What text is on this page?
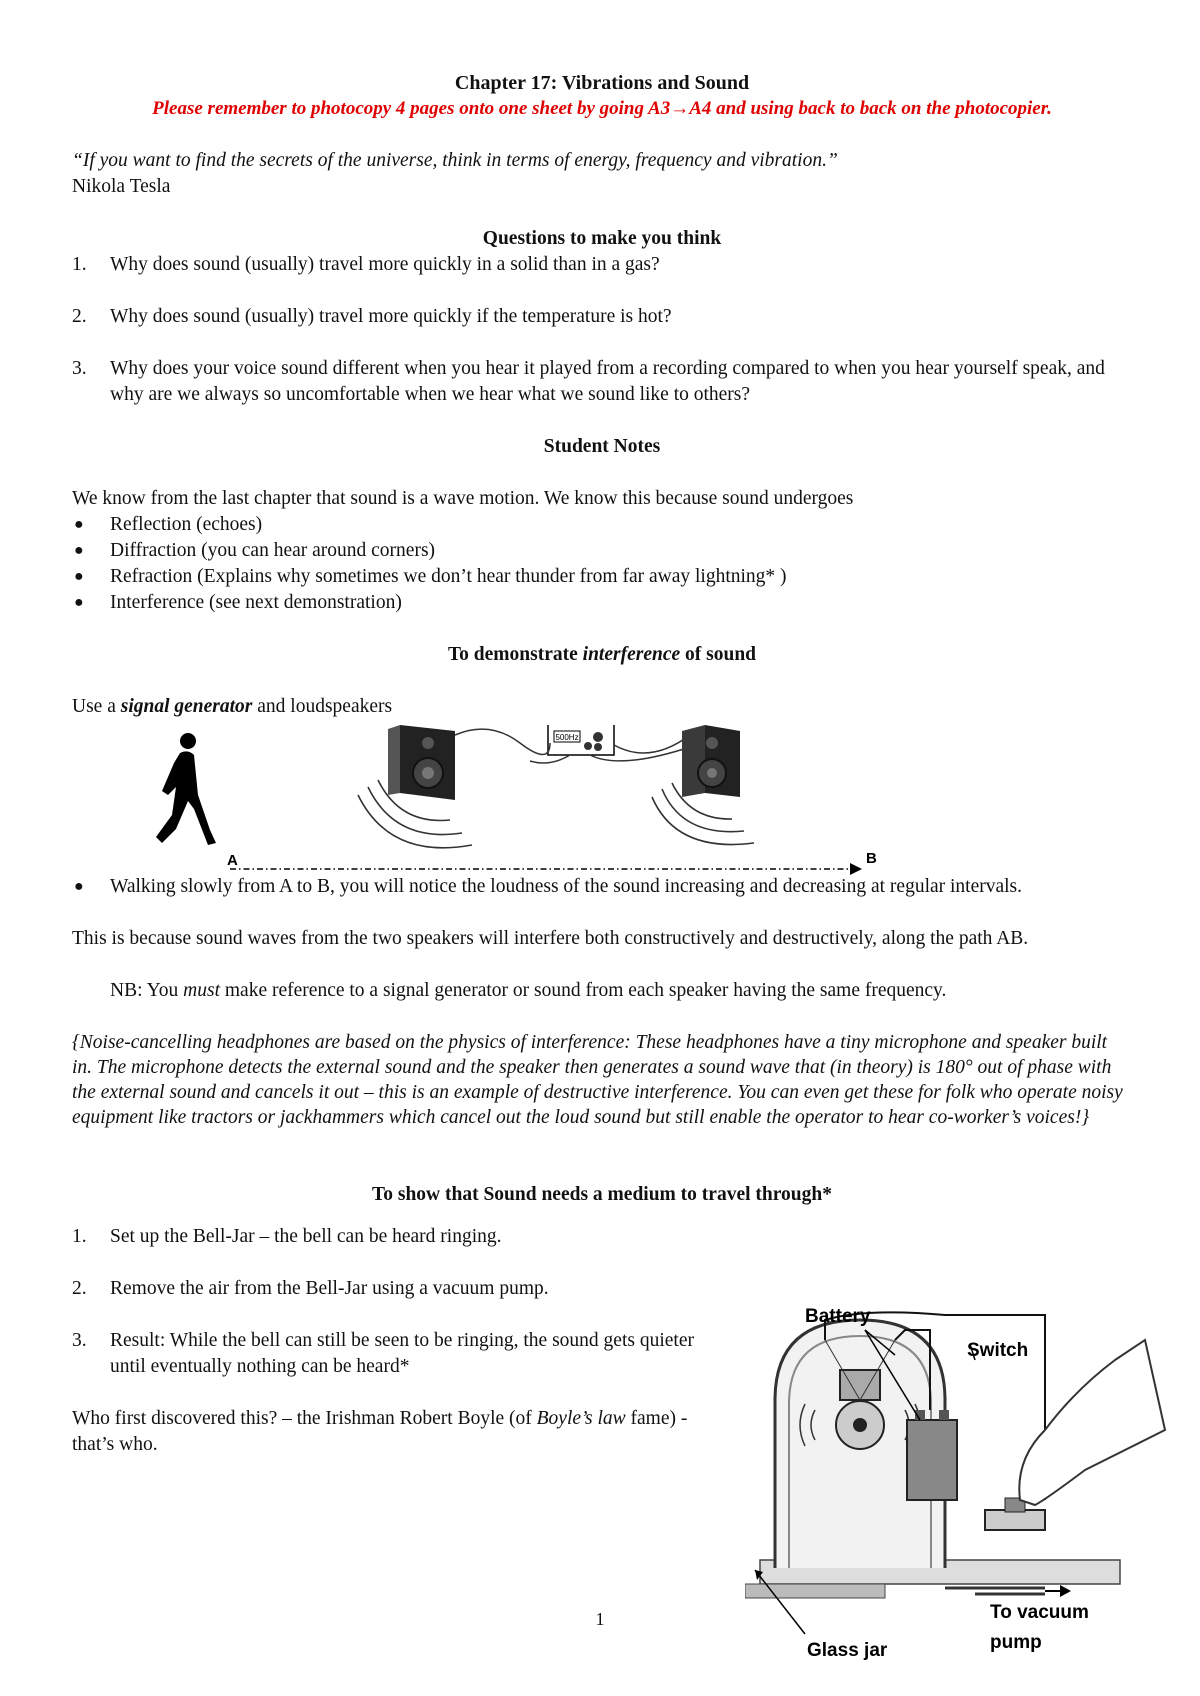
Chapter 17: Vibrations and Sound

Please remember to photocopy 4 pages onto one sheet by going A3→A4 and using back to back on the photocopier.

“If you want to find the secrets of the universe, think in terms of energy, frequency and vibration.”

Nikola Tesla

Questions to make you think

1. Why does sound (usually) travel more quickly in a solid than in a gas?
2. Why does sound (usually) travel more quickly if the temperature is hot?
3. Why does your voice sound different when you hear it played from a recording compared to when you hear yourself speak, and why are we always so uncomfortable when we hear what we sound like to others?

Student Notes

We know from the last chapter that sound is a wave motion. We know this because sound undergoes

● Reflection (echoes)
● Diffraction (you can hear around corners)
● Refraction (Explains why sometimes we don’t hear thunder from far away lightning* )
● Interference (see next demonstration)

To demonstrate interference of sound

Use a signal generator and loudspeakers

● Walking slowly from A to B, you will notice the loudness of the sound increasing and decreasing at regular intervals.

This is because sound waves from the two speakers will interfere both constructively and destructively, along the path AB.

NB: You must make reference to a signal generator or sound from each speaker having the same frequency.

{Noise-cancelling headphones are based on the physics of interference: These headphones have a tiny microphone and speaker built in. The microphone detects the external sound and the speaker then generates a sound wave that (in theory) is 180° out of phase with the external sound and cancels it out – this is an example of destructive interference. You can even get these for folk who operate noisy equipment like tractors or jackhammers which cancel out the loud sound but still enable the operator to hear co-worker’s voices!}

To show that Sound needs a medium to travel through*

1. Set up the Bell-Jar – the bell can be heard ringing.
2. Remove the air from the Bell-Jar using a vacuum pump.
3. Result: While the bell can still be seen to be ringing, the sound gets quieter until eventually nothing can be heard*

Who first discovered this? – the Irishman Robert Boyle (of Boyle’s law fame) - that’s who.

500Hz
A	B
Battery
Switch
To vacuum
pump
Glass jar
1
